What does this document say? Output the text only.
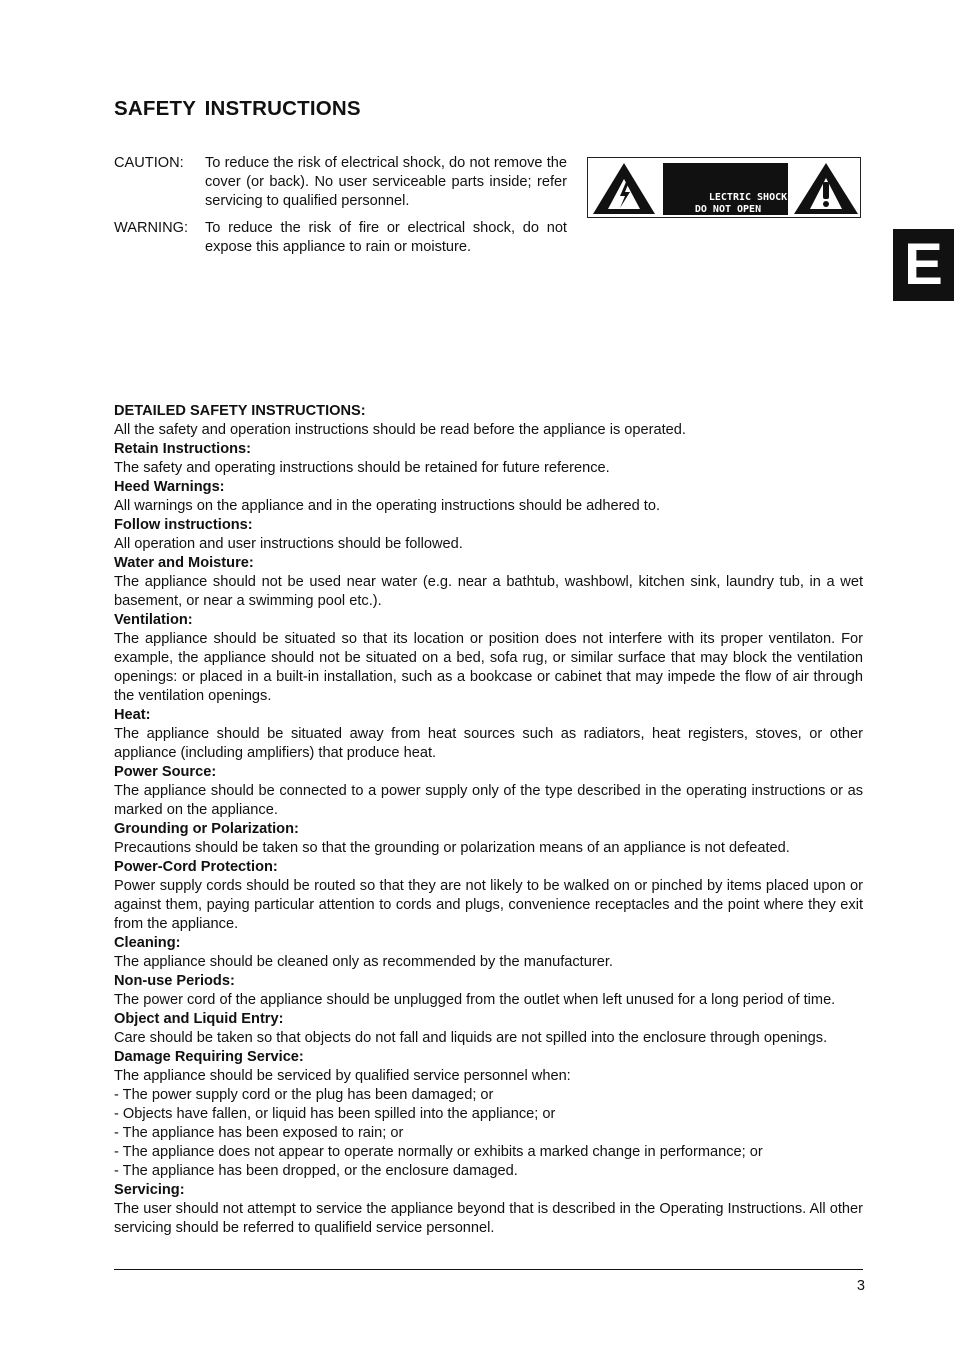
SAFETY INSTRUCTIONS
CAUTION:	To reduce the risk of electrical shock, do not remove the cover (or back). No user serviceable parts inside; refer servicing to qualified personnel.
WARNING:	To reduce the risk of fire or electrical shock, do not expose this appliance to rain or moisture.
LECTRIC SHOCK
DO NOT OPEN
E
DETAILED SAFETY INSTRUCTIONS:
All the safety and operation instructions should be read before the appliance is operated.
Retain Instructions:
The safety and operating instructions should be retained for future reference.
Heed Warnings:
All warnings on the appliance and in the operating instructions should be adhered to.
Follow instructions:
All operation and user instructions should be followed.
Water and Moisture:
The appliance should not be used near water (e.g. near a bathtub, washbowl, kitchen sink, laundry tub, in a wet basement, or near a swimming pool etc.).
Ventilation:
The appliance should be situated so that its location or position does not interfere with its proper ventilaton. For example, the appliance should not be situated on a bed, sofa rug, or similar surface that may block the ventilation openings: or placed in a built-in installation, such as a bookcase or cabinet that may impede the flow of air through the ventilation openings.
Heat:
The appliance should be situated away from heat sources such as radiators, heat registers, stoves, or other appliance (including amplifiers) that produce heat.
Power Source:
The appliance should be connected to a power supply only of the type described in the operating instructions or as marked on the appliance.
Grounding or Polarization:
Precautions should be taken so that the grounding or polarization means of an appliance is not defeated.
Power-Cord Protection:
Power supply cords should be routed so that they are not likely to be walked on or pinched by items placed upon or against them, paying particular attention to cords and plugs, convenience receptacles and the point where they exit from the appliance.
Cleaning:
The appliance should be cleaned only as recommended by the manufacturer.
Non-use Periods:
The power cord of the appliance should be unplugged from the outlet when left unused for a long period of time.
Object and Liquid Entry:
Care should be taken so that objects do not fall and liquids are not spilled into the enclosure through openings.
Damage Requiring Service:
The appliance should be serviced by qualified service personnel when:
- The power supply cord or the plug has been damaged; or
- Objects have fallen, or liquid has been spilled into the appliance; or
- The appliance has been exposed to rain; or
- The appliance does not appear to operate normally or exhibits a marked change in performance; or
- The appliance has been dropped, or the enclosure damaged.
Servicing:
The user should not attempt to service the appliance beyond that is described in the Operating Instructions. All other servicing should be referred to qualifield service personnel.
3
